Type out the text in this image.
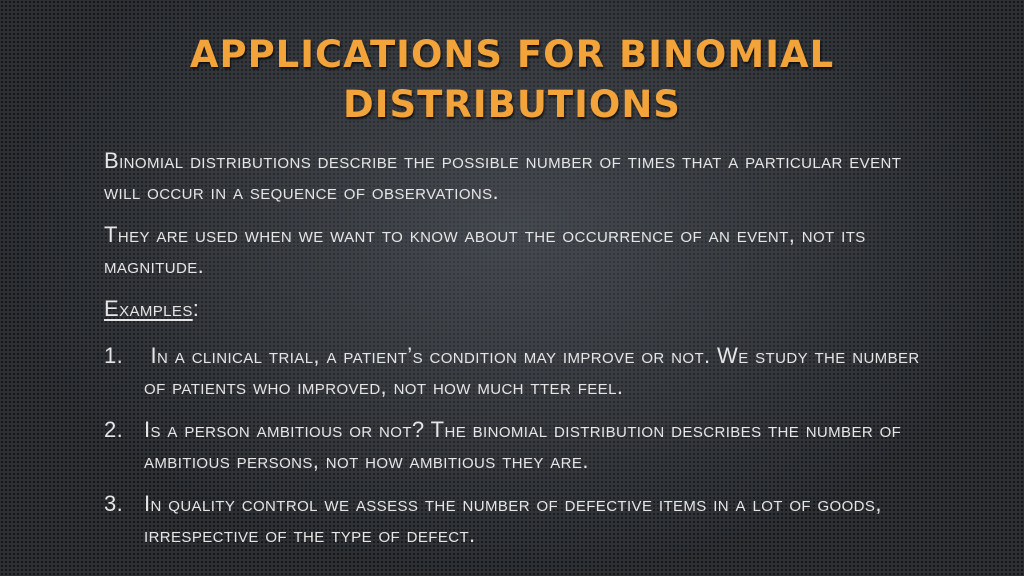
APPLICATIONS FOR BINOMIAL
DISTRIBUTIONS

Binomial distributions describe the possible number of times that a particular event will occur in a sequence of observations.

They are used when we want to know about the occurrence of an event, not its magnitude.

Examples:

1. In a clinical trial, a patient’s condition may improve or not. We study the number of patients who improved, not how much tter feel.
2. Is a person ambitious or not? The binomial distribution describes the number of ambitious persons, not how ambitious they are.
3. In quality control we assess the number of defective items in a lot of goods, irrespective of the type of defect.
